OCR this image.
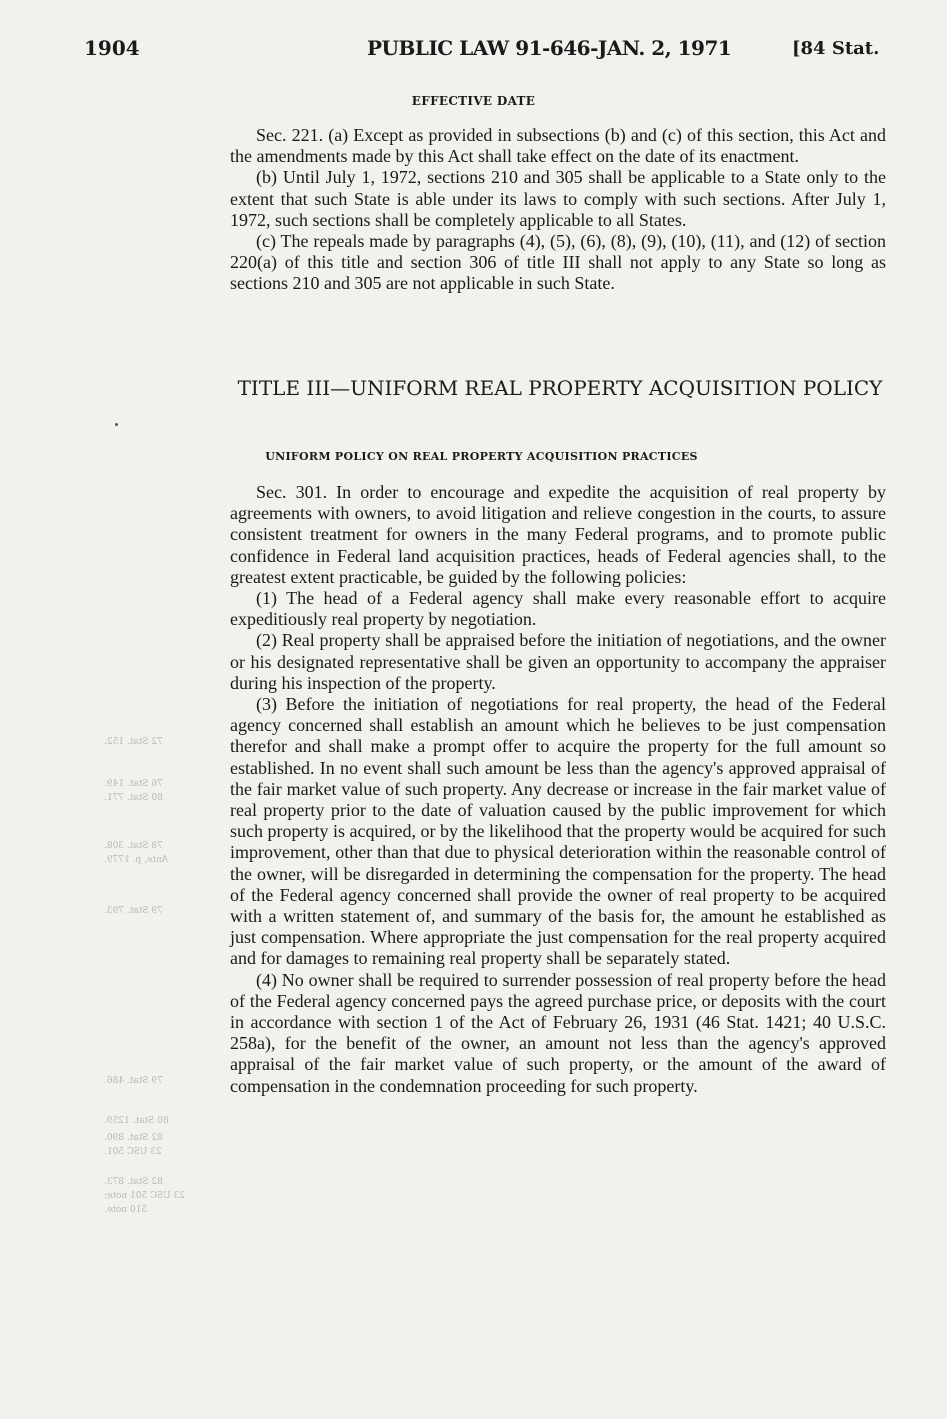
1904	PUBLIC LAW 91-646-JAN. 2, 1971	[84 Stat.
EFFECTIVE DATE

Sec. 221. (a) Except as provided in subsections (b) and (c) of this section, this Act and the amendments made by this Act shall take effect on the date of its enactment.

(b) Until July 1, 1972, sections 210 and 305 shall be applicable to a State only to the extent that such State is able under its laws to comply with such sections. After July 1, 1972, such sections shall be completely applicable to all States.

(c) The repeals made by paragraphs (4), (5), (6), (8), (9), (10), (11), and (12) of section 220(a) of this title and section 306 of title III shall not apply to any State so long as sections 210 and 305 are not applicable in such State.

TITLE III—UNIFORM REAL PROPERTY ACQUISITION POLICY
UNIFORM POLICY ON REAL PROPERTY ACQUISITION PRACTICES

Sec. 301. In order to encourage and expedite the acquisition of real property by agreements with owners, to avoid litigation and relieve congestion in the courts, to assure consistent treatment for owners in the many Federal programs, and to promote public confidence in Federal land acquisition practices, heads of Federal agencies shall, to the greatest extent practicable, be guided by the following policies:

(1) The head of a Federal agency shall make every reasonable effort to acquire expeditiously real property by negotiation.

(2) Real property shall be appraised before the initiation of negotiations, and the owner or his designated representative shall be given an opportunity to accompany the appraiser during his inspection of the property.

(3) Before the initiation of negotiations for real property, the head of the Federal agency concerned shall establish an amount which he believes to be just compensation therefor and shall make a prompt offer to acquire the property for the full amount so established. In no event shall such amount be less than the agency's approved appraisal of the fair market value of such property. Any decrease or increase in the fair market value of real property prior to the date of valuation caused by the public improvement for which such property is acquired, or by the likelihood that the property would be acquired for such improvement, other than that due to physical deterioration within the reasonable control of the owner, will be disregarded in determining the compensation for the property. The head of the Federal agency concerned shall provide the owner of real property to be acquired with a written statement of, and summary of the basis for, the amount he established as just compensation. Where appropriate the just compensation for the real property acquired and for damages to remaining real property shall be separately stated.

(4) No owner shall be required to surrender possession of real property before the head of the Federal agency concerned pays the agreed purchase price, or deposits with the court in accordance with section 1 of the Act of February 26, 1931 (46 Stat. 1421; 40 U.S.C. 258a), for the benefit of the owner, an amount not less than the agency's approved appraisal of the fair market value of such property, or the amount of the award of compensation in the condemnation proceeding for such property.

72 Stat. 152.
76 Stat. 149.
80 Stat. 771.
78 Stat. 308.
Ante, p. 1779.
79 Stat. 793.
79 Stat. 486.
80 Stat. 1259.
82 Stat. 890.
23 USC 501.
82 Stat. 873.
23 USC 501 note;
510 note.
